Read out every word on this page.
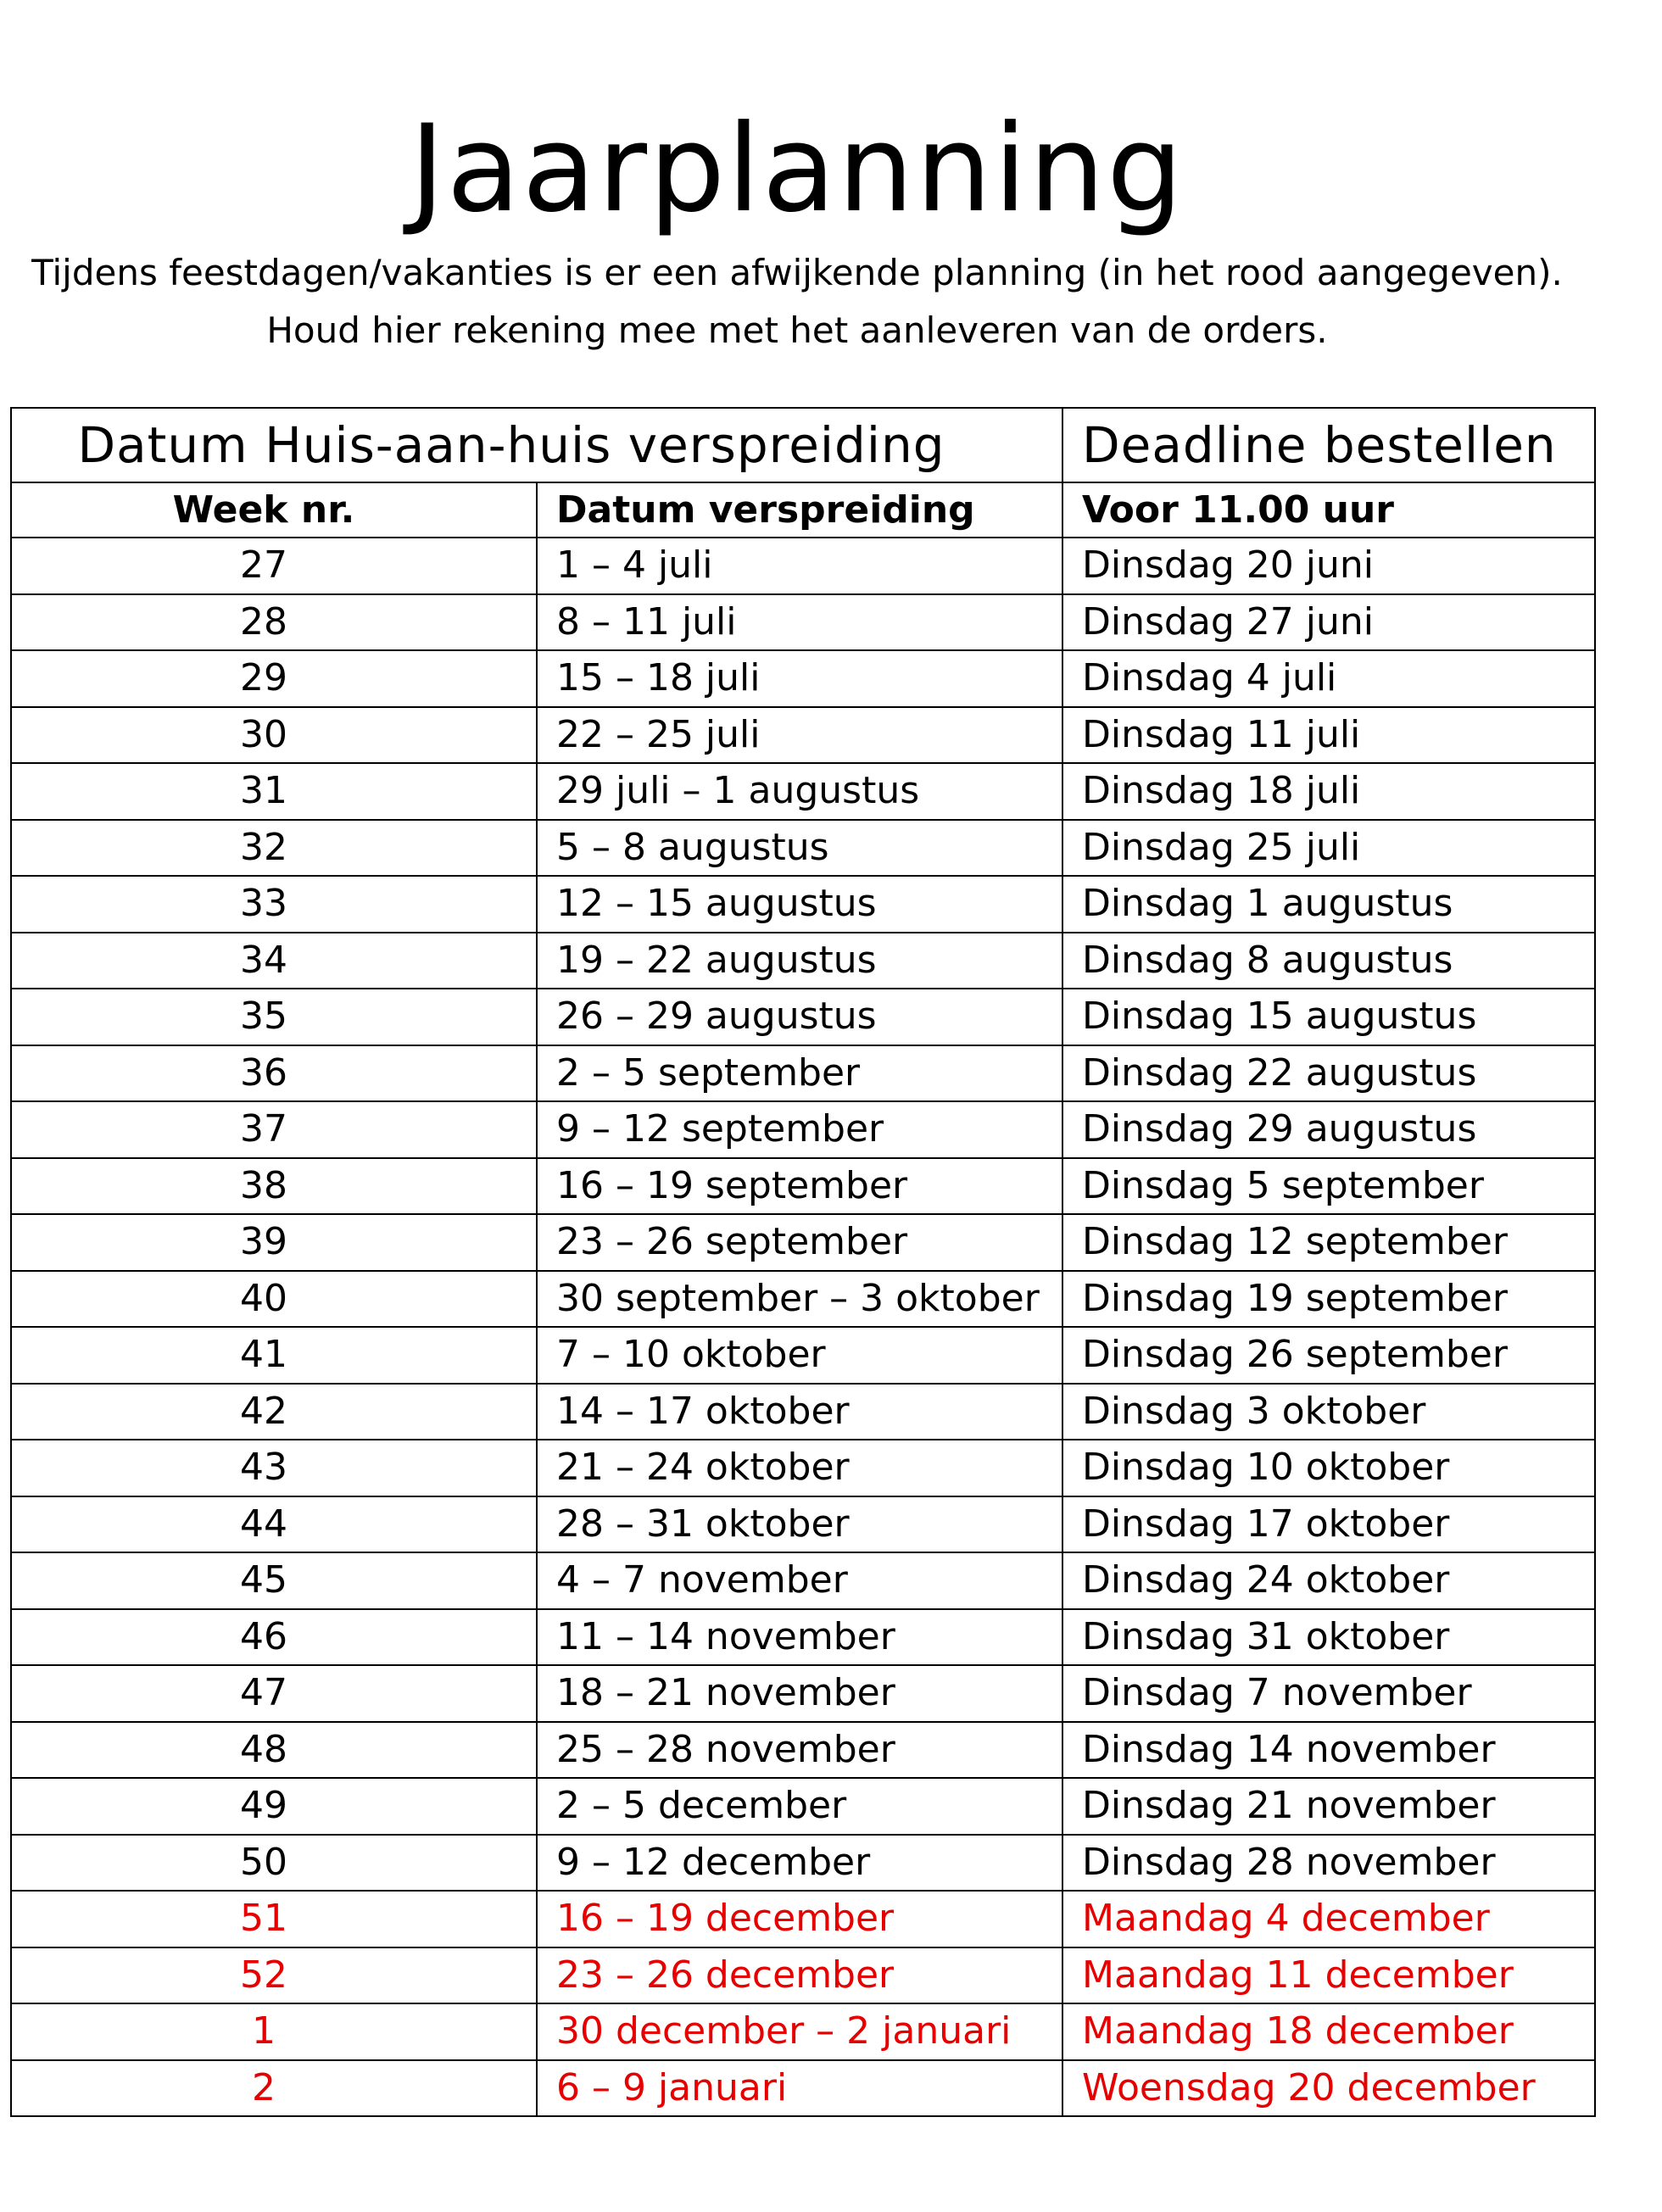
Jaarplanning
Tijdens feestdagen/vakanties is er een afwijkende planning (in het rood aangegeven).
Houd hier rekening mee met het aanleveren van de orders.
Datum Huis-aan-huis verspreiding		Deadline bestellen
Week nr.	Datum verspreiding	Voor 11.00 uur
27	1 – 4 juli	Dinsdag 20 juni
28	8 – 11 juli	Dinsdag 27 juni
29	15 – 18 juli	Dinsdag 4 juli
30	22 – 25 juli	Dinsdag 11 juli
31	29 juli – 1 augustus	Dinsdag 18 juli
32	5 – 8 augustus	Dinsdag 25 juli
33	12 – 15 augustus	Dinsdag 1 augustus
34	19 – 22 augustus	Dinsdag 8 augustus
35	26 – 29 augustus	Dinsdag 15 augustus
36	2 – 5 september	Dinsdag 22 augustus
37	9 – 12 september	Dinsdag 29 augustus
38	16 – 19 september	Dinsdag 5 september
39	23 – 26 september	Dinsdag 12 september
40	30 september – 3 oktober	Dinsdag 19 september
41	7 – 10 oktober	Dinsdag 26 september
42	14 – 17 oktober	Dinsdag 3 oktober
43	21 – 24 oktober	Dinsdag 10 oktober
44	28 – 31 oktober	Dinsdag 17 oktober
45	4 – 7 november	Dinsdag 24 oktober
46	11 – 14 november	Dinsdag 31 oktober
47	18 – 21 november	Dinsdag 7 november
48	25 – 28 november	Dinsdag 14 november
49	2 – 5 december	Dinsdag 21 november
50	9 – 12 december	Dinsdag 28 november
51	16 – 19 december	Maandag 4 december
52	23 – 26 december	Maandag 11 december
1	30 december – 2 januari	Maandag 18 december
2	6 – 9 januari	Woensdag 20 december
